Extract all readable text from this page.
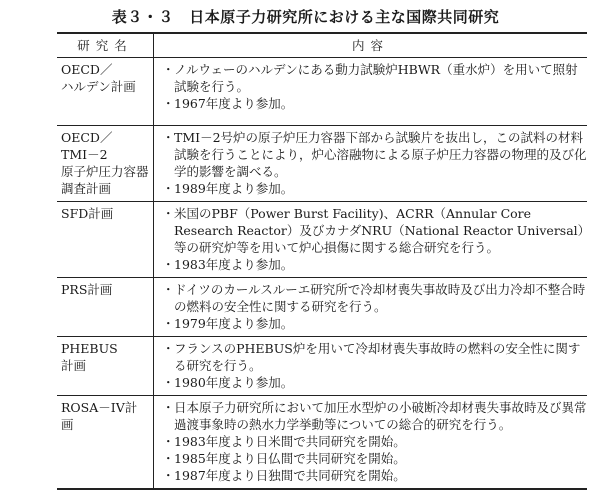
表３・３　日本原子力研究所における主な国際共同研究
研究名	内容

OECD／
ハルデン計画	・ ノルウェーのハルデンにある動力試験炉HBWR（重水炉）を用いて照射試験を行う。
・ 1967年度より参加。

OECD／
TMI－2
原子炉圧力容器
調査計画	・ TMI－2号炉の原子炉圧力容器下部から試験片を抜出し，この試料の材料試験を行うことにより，炉心溶融物による原子炉圧力容器の物理的及び化学的影響を調べる。
・ 1989年度より参加。

SFD計画	・ 米国のPBF（Power Burst Facility)、ACRR（Annular Core Research Reactor）及びカナダNRU（National Reactor Universal）等の研究炉等を用いて炉心損傷に関する総合研究を行う。
・ 1983年度より参加。

PRS計画	・ ドイツのカールスルーエ研究所で冷却材喪失事故時及び出力冷却不整合時の燃料の安全性に関する研究を行う。
・ 1979年度より参加。

PHEBUS
計画	・ フランスのPHEBUS炉を用いて冷却材喪失事故時の燃料の安全性に関する研究を行う。
・ 1980年度より参加。

ROSA－IV計
画	・ 日本原子力研究所において加圧水型炉の小破断冷却材喪失事故時及び異常過渡事象時の熱水力学挙動等についての総合的研究を行う。
・ 1983年度より日米間で共同研究を開始。
・ 1985年度より日仏間で共同研究を開始。
・ 1987年度より日独間で共同研究を開始。
